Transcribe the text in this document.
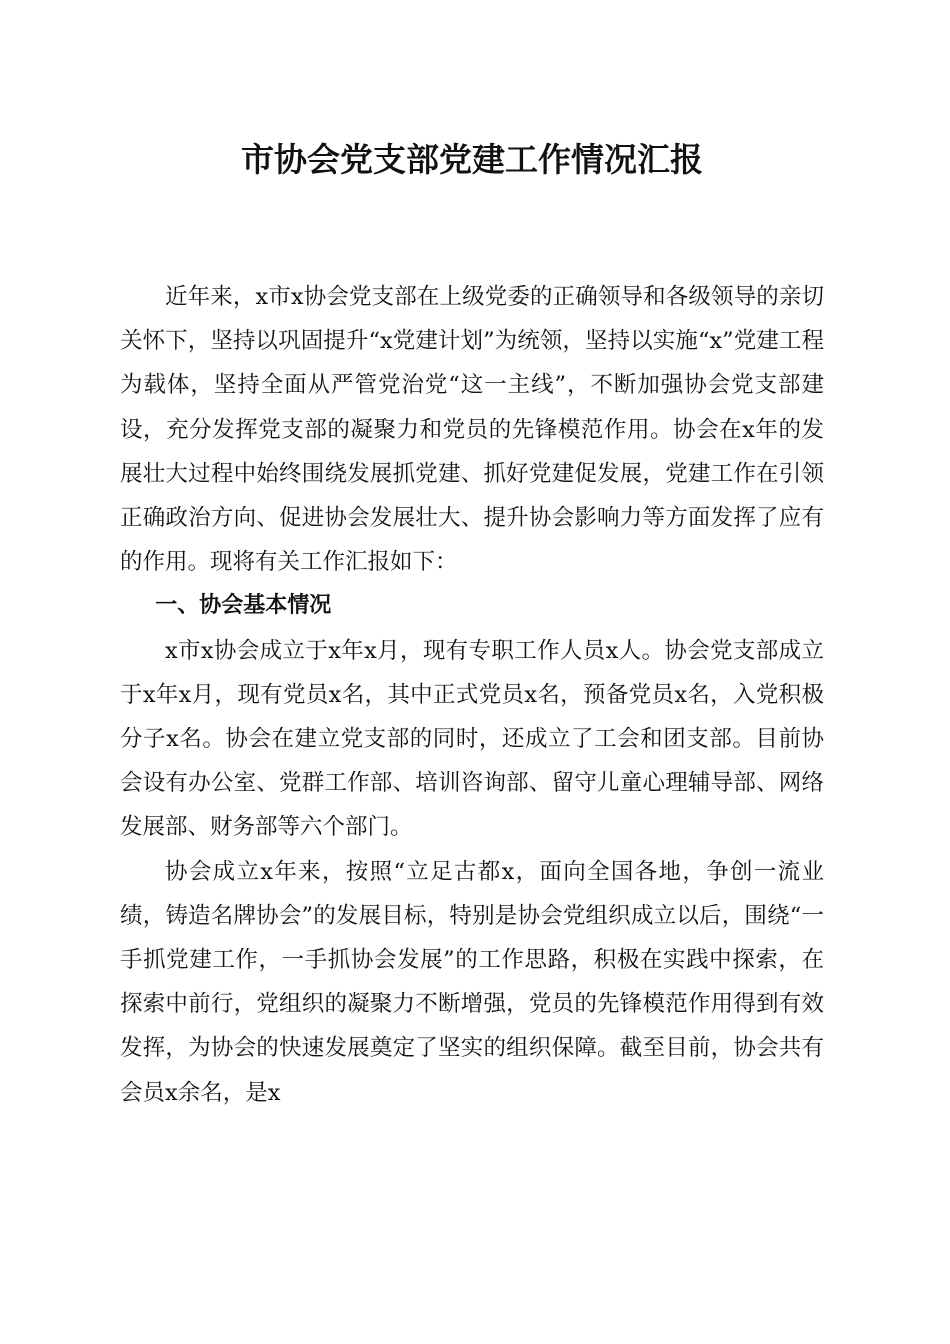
市协会党支部党建工作情况汇报

近年来，x市x协会党支部在上级党委的正确领导和各级领导的亲切关怀下，坚持以巩固提升“x党建计划”为统领，坚持以实施“x”党建工程为载体，坚持全面从严管党治党“这一主线”，不断加强协会党支部建设，充分发挥党支部的凝聚力和党员的先锋模范作用。协会在x年的发展壮大过程中始终围绕发展抓党建、抓好党建促发展，党建工作在引领正确政治方向、促进协会发展壮大、提升协会影响力等方面发挥了应有的作用。现将有关工作汇报如下：

一、协会基本情况

x市x协会成立于x年x月，现有专职工作人员x人。协会党支部成立于x年x月，现有党员x名，其中正式党员x名，预备党员x名，入党积极分子x名。协会在建立党支部的同时，还成立了工会和团支部。目前协会设有办公室、党群工作部、培训咨询部、留守儿童心理辅导部、网络发展部、财务部等六个部门。

协会成立x年来，按照“立足古都x，面向全国各地，争创一流业绩，铸造名牌协会”的发展目标，特别是协会党组织成立以后，围绕“一手抓党建工作，一手抓协会发展”的工作思路，积极在实践中探索，在探索中前行，党组织的凝聚力不断增强，党员的先锋模范作用得到有效发挥，为协会的快速发展奠定了坚实的组织保障。截至目前，协会共有会员x余名，是x
